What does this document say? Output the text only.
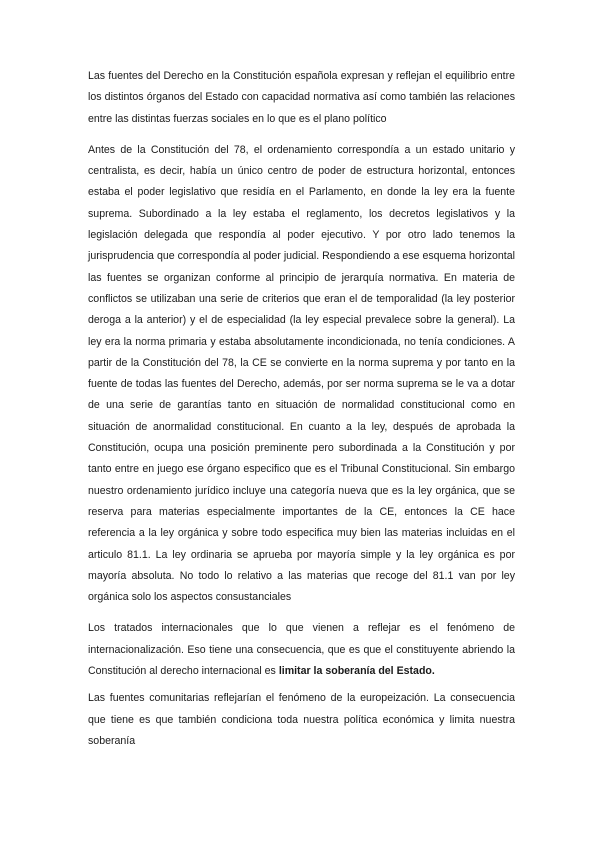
Las fuentes del Derecho en la Constitución española expresan y reflejan el equilibrio entre los distintos órganos del Estado con capacidad normativa así como también las relaciones entre las distintas fuerzas sociales en lo que es el plano político

Antes de la Constitución del 78, el ordenamiento correspondía a un estado unitario y centralista, es decir, había un único centro de poder de estructura horizontal, entonces estaba el poder legislativo que residía en el Parlamento, en donde la ley era la fuente suprema. Subordinado a la ley estaba el reglamento, los decretos legislativos y la legislación delegada que respondía al poder ejecutivo. Y por otro lado tenemos la jurisprudencia que correspondía al poder judicial. Respondiendo a ese esquema horizontal las fuentes se organizan conforme al principio de jerarquía normativa. En materia de conflictos se utilizaban una serie de criterios que eran el de temporalidad (la ley posterior deroga a la anterior) y el de especialidad (la ley especial prevalece sobre la general). La ley era la norma primaria y estaba absolutamente incondicionada, no tenía condiciones. A partir de la Constitución del 78, la CE se convierte en la norma suprema y por tanto en la fuente de todas las fuentes del Derecho, además, por ser norma suprema se le va a dotar de una serie de garantías tanto en situación de normalidad constitucional como en situación de anormalidad constitucional. En cuanto a la ley, después de aprobada la Constitución, ocupa una posición preminente pero subordinada a la Constitución y por tanto entre en juego ese órgano especifico que es el Tribunal Constitucional. Sin embargo nuestro ordenamiento jurídico incluye una categoría nueva que es la ley orgánica, que se reserva para materias especialmente importantes de la CE, entonces la CE hace referencia a la ley orgánica y sobre todo especifica muy bien las materias incluidas en el articulo 81.1. La ley ordinaria se aprueba por mayoría simple y la ley orgánica es por mayoría absoluta. No todo lo relativo a las materias que recoge del 81.1 van por ley orgánica solo los aspectos consustanciales

Los tratados internacionales que lo que vienen a reflejar es el fenómeno de internacionalización. Eso tiene una consecuencia, que es que el constituyente abriendo la Constitución al derecho internacional es limitar la soberanía del Estado.

Las fuentes comunitarias reflejarían el fenómeno de la europeización. La consecuencia que tiene es que también condiciona toda nuestra política económica y limita nuestra soberanía
